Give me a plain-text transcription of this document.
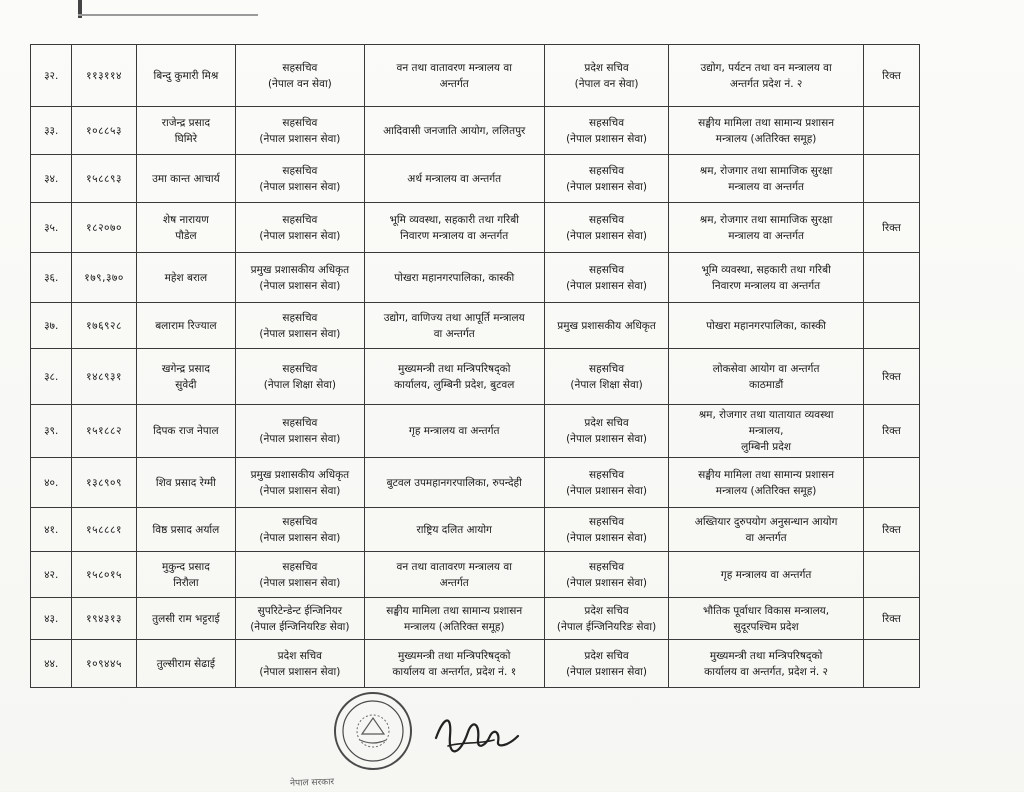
३२.	११३११४	बिन्दु कुमारी मिश्र	सहसचिव
(नेपाल वन सेवा)	वन तथा वातावरण मन्त्रालय वा
अन्तर्गत	प्रदेश सचिव
(नेपाल वन सेवा)	उद्योग, पर्यटन तथा वन मन्त्रालय वा
अन्तर्गत प्रदेश नं. २	रिक्त
३३.	१०८८५३	राजेन्द्र प्रसाद
घिमिरे	सहसचिव
(नेपाल प्रशासन सेवा)	आदिवासी जनजाति आयोग, ललितपुर	सहसचिव
(नेपाल प्रशासन सेवा)	सङ्घीय मामिला तथा सामान्य प्रशासन
मन्त्रालय (अतिरिक्त समूह)	

३४.	१५८८९३	उमा कान्त आचार्य	सहसचिव
(नेपाल प्रशासन सेवा)	अर्थ मन्त्रालय वा अन्तर्गत	सहसचिव
(नेपाल प्रशासन सेवा)	श्रम, रोजगार तथा सामाजिक सुरक्षा
मन्त्रालय वा अन्तर्गत	

३५.	१८२०७०	शेष नारायण
पौडेल	सहसचिव
(नेपाल प्रशासन सेवा)	भूमि व्यवस्था, सहकारी तथा गरिबी
निवारण मन्त्रालय वा अन्तर्गत	सहसचिव
(नेपाल प्रशासन सेवा)	श्रम, रोजगार तथा सामाजिक सुरक्षा
मन्त्रालय वा अन्तर्गत	रिक्त
३६.	१७९,३७०	महेश बराल	प्रमुख प्रशासकीय अधिकृत
(नेपाल प्रशासन सेवा)	पोखरा महानगरपालिका, कास्की	सहसचिव
(नेपाल प्रशासन सेवा)	भूमि व्यवस्था, सहकारी तथा गरिबी
निवारण मन्त्रालय वा अन्तर्गत	

३७.	१७६९२८	बलाराम रिज्याल	सहसचिव
(नेपाल प्रशासन सेवा)	उद्योग, वाणिज्य तथा आपूर्ति मन्त्रालय
वा अन्तर्गत	प्रमुख प्रशासकीय अधिकृत	पोखरा महानगरपालिका, कास्की	

३८.	१४८९३१	खगेन्द्र प्रसाद
सुवेदी	सहसचिव
(नेपाल शिक्षा सेवा)	मुख्यमन्त्री तथा मन्त्रिपरिषद्को
कार्यालय, लुम्बिनी प्रदेश, बुटवल	सहसचिव
(नेपाल शिक्षा सेवा)	लोकसेवा आयोग वा अन्तर्गत
काठमाडौं	रिक्त
३९.	१५१८८२	दिपक राज नेपाल	सहसचिव
(नेपाल प्रशासन सेवा)	गृह मन्त्रालय वा अन्तर्गत	प्रदेश सचिव
(नेपाल प्रशासन सेवा)	श्रम, रोजगार तथा यातायात व्यवस्था
मन्त्रालय,
लुम्बिनी प्रदेश	रिक्त
४०.	१३८९०९	शिव प्रसाद रेग्मी	प्रमुख प्रशासकीय अधिकृत
(नेपाल प्रशासन सेवा)	बुटवल उपमहानगरपालिका, रुपन्देही	सहसचिव
(नेपाल प्रशासन सेवा)	सङ्घीय मामिला तथा सामान्य प्रशासन
मन्त्रालय (अतिरिक्त समूह)	

४१.	१५८८८१	विष्ठ प्रसाद अर्याल	सहसचिव
(नेपाल प्रशासन सेवा)	राष्ट्रिय दलित आयोग	सहसचिव
(नेपाल प्रशासन सेवा)	अख्तियार दुरुपयोग अनुसन्धान आयोग
वा अन्तर्गत	रिक्त
४२.	१५८०१५	मुकुन्द प्रसाद
निरौला	सहसचिव
(नेपाल प्रशासन सेवा)	वन तथा वातावरण मन्त्रालय वा
अन्तर्गत	सहसचिव
(नेपाल प्रशासन सेवा)	गृह मन्त्रालय वा अन्तर्गत	

४३.	१९४३१३	तुलसी राम भट्टराई	सुपरिटेन्डेन्ट ईन्जिनियर
(नेपाल ईन्जिनियरिङ सेवा)	सङ्घीय मामिला तथा सामान्य प्रशासन
मन्त्रालय (अतिरिक्त समूह)	प्रदेश सचिव
(नेपाल ईन्जिनियरिङ सेवा)	भौतिक पूर्वाधार विकास मन्त्रालय,
सुदूरपश्चिम प्रदेश	रिक्त
४४.	१०९४४५	तुल्सीराम सेढाई	प्रदेश सचिव
(नेपाल प्रशासन सेवा)	मुख्यमन्त्री तथा मन्त्रिपरिषद्को
कार्यालय वा अन्तर्गत, प्रदेश नं. १	प्रदेश सचिव
(नेपाल प्रशासन सेवा)	मुख्यमन्त्री तथा मन्त्रिपरिषद्को
कार्यालय वा अन्तर्गत, प्रदेश नं. २	

नेपाल सरकार
